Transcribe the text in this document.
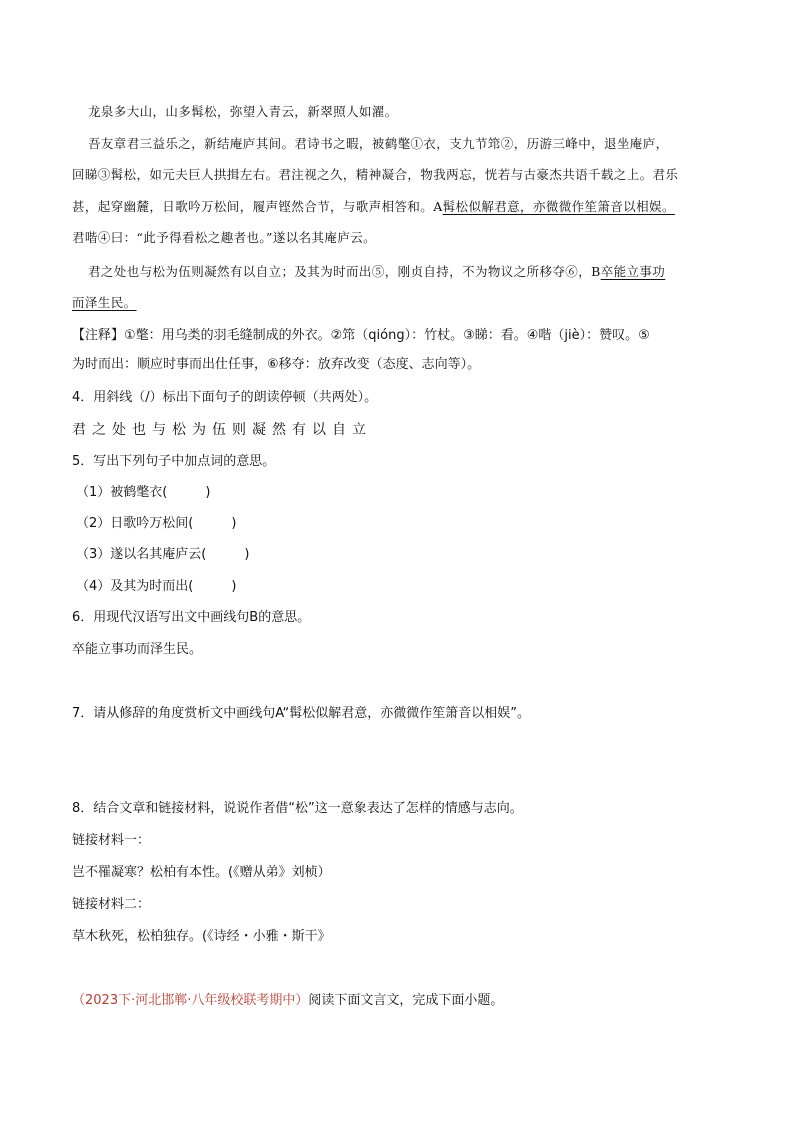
龙泉多大山，山多髯松，弥望入青云，新翠照人如濯。
吾友章君三益乐之，新结庵庐其间。君诗书之暇，被鹤氅①衣，支九节筇②，历游三峰中，退坐庵庐，
回睇③髯松，如元夫巨人拱揖左右。君注视之久，精神凝合，物我两忘，恍若与古豪杰共语千载之上。君乐
甚，起穿幽麓，日歌吟万松间，履声铿然合节，与歌声相答和。A髯松似解君意，亦微微作笙箫音以相娱。
君喈④曰：“此予得看松之趣者也。”遂以名其庵庐云。
君之处也与松为伍则凝然有以自立；及其为时而出⑤，刚贞自持，不为物议之所移夺⑥，B卒能立事功
而泽生民。
【注释】①氅：用乌类的羽毛缝制成的外衣。②筇（qióng）：竹杖。③睇：看。④喈（jiè）：赞叹。⑤
为时而出：顺应时事而出仕任事，⑥移夺：放弃改变（态度、志向等）。
4．用斜线（/）标出下面句子的朗读停顿（共两处）。
君之处也与松为伍则凝然有以自立
5．写出下列句子中加点词的意思。
（1）被鹤氅衣(	)
（2）日歌吟万松间(	)
（3）遂以名其庵庐云(	)
（4）及其为时而出(	)
6．用现代汉语写出文中画线句B的意思。
卒能立事功而泽生民。
7．请从修辞的角度赏析文中画线句A“髯松似解君意，亦微微作笙箫音以相娱”。
8．结合文章和链接材料，说说作者借“松”这一意象表达了怎样的情感与志向。
链接材料一：
岂不罹凝寒？松柏有本性。(《赠从弟》刘桢）
链接材料二：
草木秋死，松柏独存。(《诗经・小雅・斯干》
（2023下·河北邯郸·八年级校联考期中）阅读下面文言文，完成下面小题。
